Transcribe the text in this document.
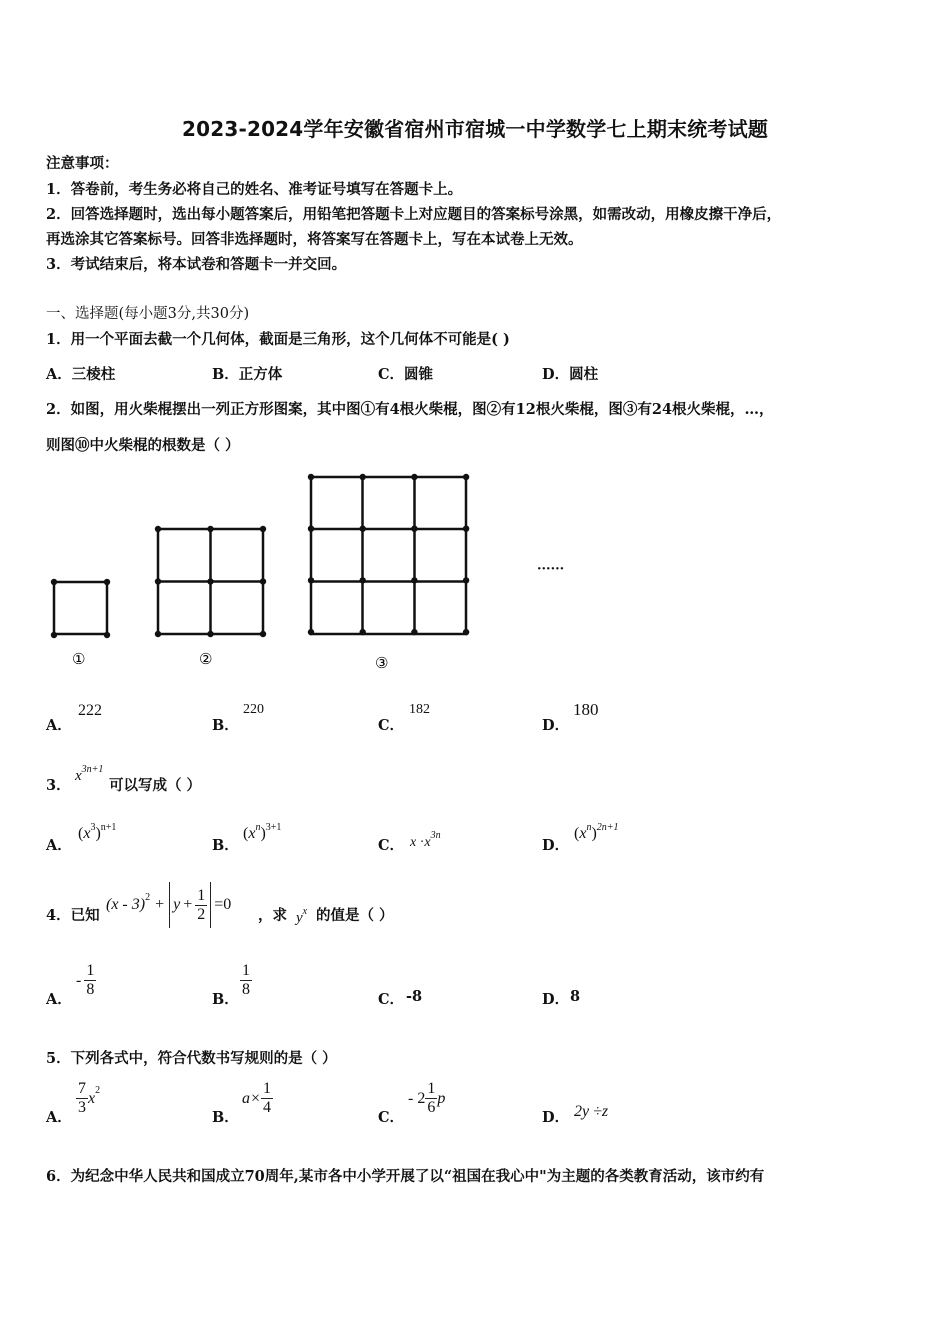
2023-2024学年安徽省宿州市宿城一中学数学七上期末统考试题
注意事项：
1．答卷前，考生务必将自己的姓名、准考证号填写在答题卡上。
2．回答选择题时，选出每小题答案后，用铅笔把答题卡上对应题目的答案标号涂黑，如需改动，用橡皮擦干净后，
再选涂其它答案标号。回答非选择题时，将答案写在答题卡上，写在本试卷上无效。
3．考试结束后，将本试卷和答题卡一并交回。
一、选择题(每小题3分,共30分)
1．用一个平面去截一个几何体，截面是三角形，这个几何体不可能是( )
A．三棱柱	B．正方体	C．圆锥	D．圆柱
2．如图，用火柴棍摆出一列正方形图案，其中图①有4根火柴棍，图②有12根火柴棍，图③有24根火柴棍，…，
则图⑩中火柴棍的根数是（ ）
①	②	③
······
A．
222
B．
220
C．
182
D．
180
3．
$x^{3n+1}$
可以写成（ ）
A．
$(x^3)^{n+1}$
B．
$(x^n)^{3+1}$
C． $x \cdot x^{3n}$
D．
$(x^n)^{2n+1}$
4．已知
(x - 3) $2 + y + \frac{1}{2} =0$
，求 $y^x$ 的值是（ ）
A．
- $\frac{1}{8}$
B．
$\frac{1}{8}$
C． -8	D． 8
5．下列各式中，符合代数书写规则的是（ ）
A．
$\frac{7}{3}$ x 2
B．
$a \times \frac{1}{4}$
C．
- $2 \frac{1}{6}$ p
D． 2y ÷z
6．为纪念中华人民共和国成立70周年,某市各中小学开展了以“祖国在我心中"为主题的各类教育活动，该市约有
